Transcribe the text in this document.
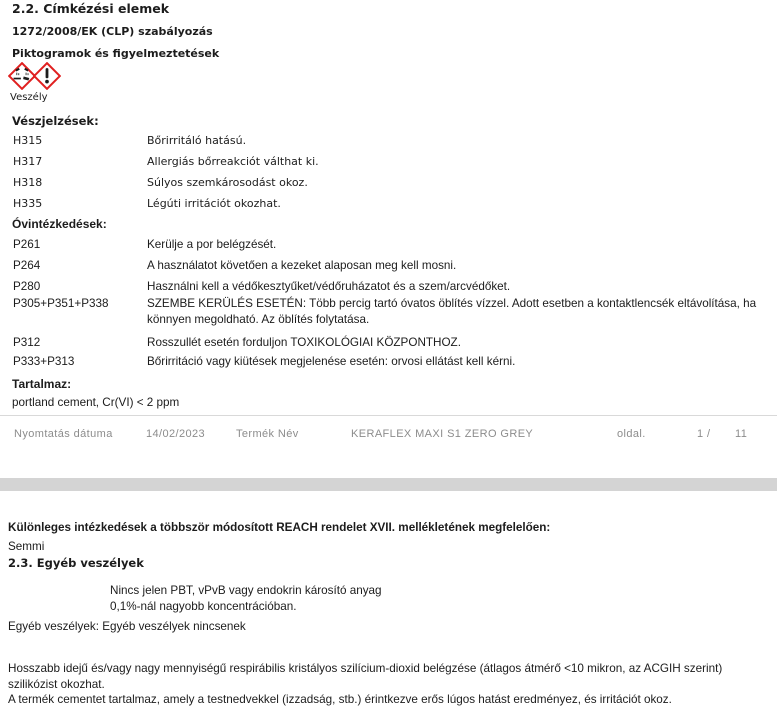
2.2. Címkézési elemek
1272/2008/EK (CLP) szabályozás
Piktogramok és figyelmeztetések
Veszély
Vészjelzések:
H315	Bőrirritáló hatású.
H317	Allergiás bőrreakciót válthat ki.
H318	Súlyos szemkárosodást okoz.
H335	Légúti irritációt okozhat.
Óvintézkedések:
P261	Kerülje a por belégzését.
P264	A használatot követően a kezeket alaposan meg kell mosni.
P280	Használni kell a védőkesztyűket/védőruházatot és a szem/arcvédőket.
P305+P351+P338	SZEMBE KERÜLÉS ESETÉN: Több percig tartó óvatos öblítés vízzel. Adott esetben a kontaktlencsék eltávolítása, ha könnyen megoldható. Az öblítés folytatása.
P312	Rosszullét esetén forduljon TOXIKOLÓGIAI KÖZPONTHOZ.
P333+P313	Bőrirritáció vagy kiütések megjelenése esetén: orvosi ellátást kell kérni.
Tartalmaz:
portland cement, Cr(VI) < 2 ppm
Nyomtatás dátuma	14/02/2023	Termék Név	KERAFLEX MAXI S1 ZERO GREY	oldal.	1 / 11
Különleges intézkedések a többször módosított REACH rendelet XVII. mellékletének megfelelően:
Semmi
2.3. Egyéb veszélyek
Nincs jelen PBT, vPvB vagy endokrin károsító anyag
0,1%-nál nagyobb koncentrációban.
Egyéb veszélyek: Egyéb veszélyek nincsenek
Hosszabb idejű és/vagy nagy mennyiségű respirábilis kristályos szilícium-dioxid belégzése (átlagos átmérő <10 mikron, az ACGIH szerint) szilikózist okozhat.
A termék cementet tartalmaz, amely a testnedvekkel (izzadság, stb.) érintkezve erős lúgos hatást eredményez, és irritációt okoz.
